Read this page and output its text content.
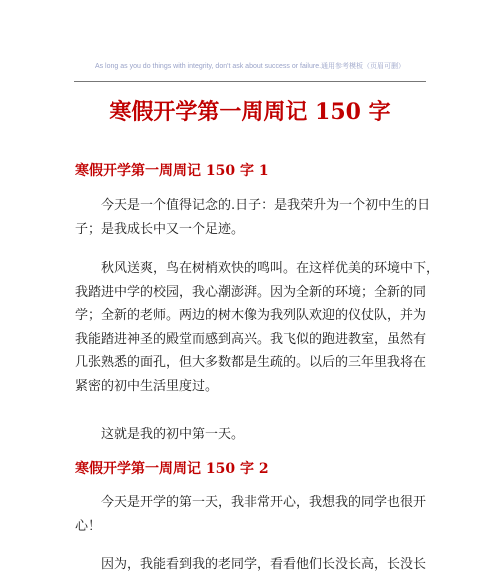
As long as you do things with integrity, don't ask about success or failure.通用参考模板（页眉可删）
寒假开学第一周周记 150 字
寒假开学第一周周记 150 字 1
今天是一个值得记念的.日子：是我荣升为一个初中生的日
子；是我成长中又一个足迹。
秋风送爽，鸟在树梢欢快的鸣叫。在这样优美的环境中下，
我踏进中学的校园，我心潮澎湃。因为全新的环境；全新的同
学；全新的老师。两边的树木像为我列队欢迎的仪仗队，并为
我能踏进神圣的殿堂而感到高兴。我飞似的跑进教室，虽然有
几张熟悉的面孔，但大多数都是生疏的。以后的三年里我将在
紧密的初中生活里度过。
这就是我的初中第一天。
寒假开学第一周周记 150 字 2
今天是开学的第一天，我非常开心，我想我的同学也很开
心！
因为，我能看到我的老同学，看看他们长没长高，长没长
